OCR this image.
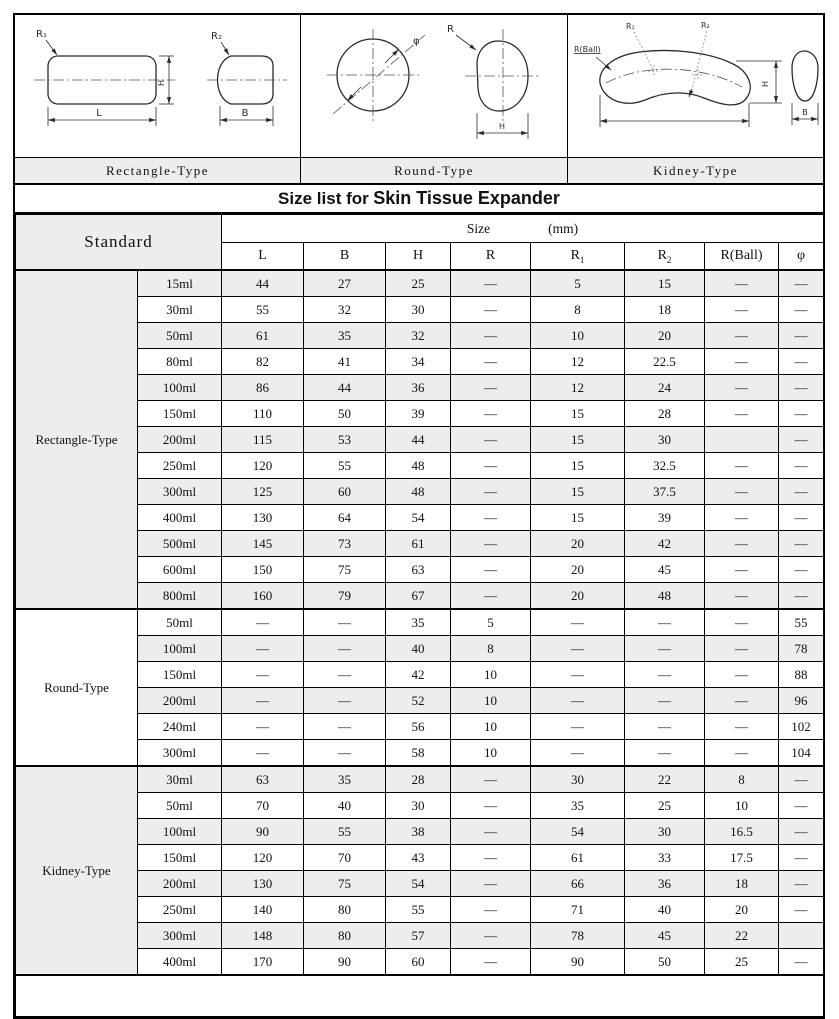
R₁
L
H
R₂
B
φ
R
H
R₁	R₂
R(Ball)
H
B
Rectangle-Type	Round-Type	Kidney-Type
Size list for Skin Tissue Expander
Standard		Size (mm)							
		L	B	H	R	$R_1$	$R_2$	R(Ball)	φ
Rectangle-Type	15ml	44	27	25	—	5	15	—	—
	30ml	55	32	30	—	8	18	—	—
	50ml	61	35	32	—	10	20	—	—
	80ml	82	41	34	—	12	22.5	—	—
	100ml	86	44	36	—	12	24	—	—
	150ml	110	50	39	—	15	28	—	—
	200ml	115	53	44	—	15	30		—
	250ml	120	55	48	—	15	32.5	—	—
	300ml	125	60	48	—	15	37.5	—	—
	400ml	130	64	54	—	15	39	—	—
	500ml	145	73	61	—	20	42	—	—
	600ml	150	75	63	—	20	45	—	—
	800ml	160	79	67	—	20	48	—	—
Round-Type	50ml	—	—	35	5	—	—	—	55
	100ml	—	—	40	8	—	—	—	78
	150ml	—	—	42	10	—	—	—	88
	200ml	—	—	52	10	—	—	—	96
	240ml	—	—	56	10	—	—	—	102
	300ml	—	—	58	10	—	—	—	104
Kidney-Type	30ml	63	35	28	—	30	22	8	—
	50ml	70	40	30	—	35	25	10	—
	100ml	90	55	38	—	54	30	16.5	—
	150ml	120	70	43	—	61	33	17.5	—
	200ml	130	75	54	—	66	36	18	—
	250ml	140	80	55	—	71	40	20	—
	300ml	148	80	57	—	78	45	22	
	400ml	170	90	60	—	90	50	25	—
